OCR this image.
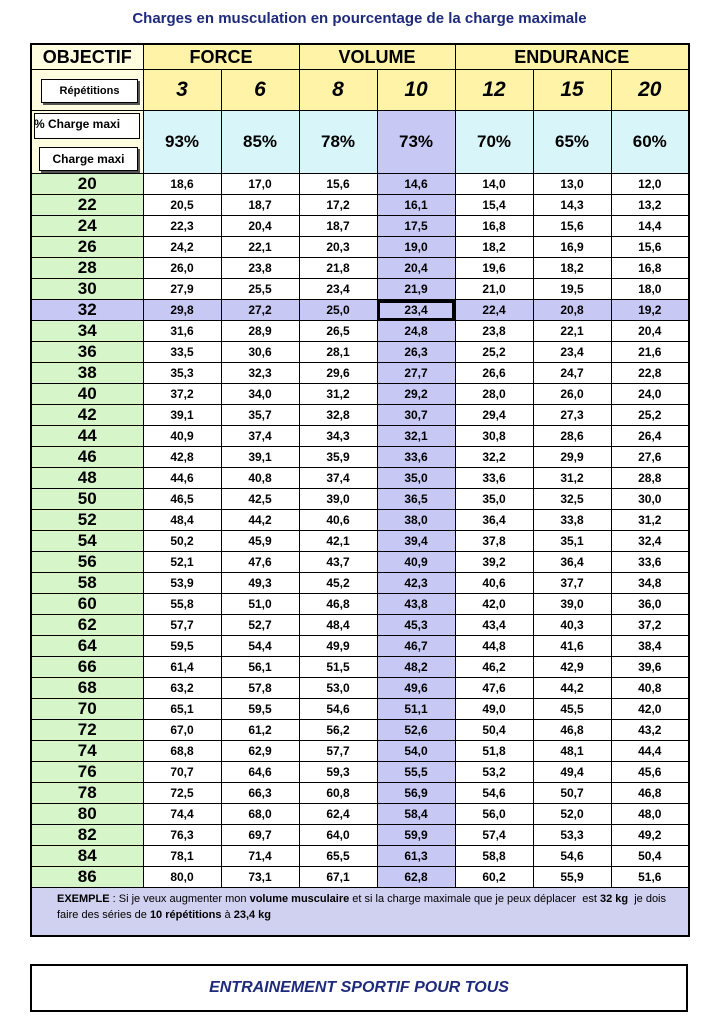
Charges en musculation en pourcentage de la charge maximale
OBJECTIF	FORCE		VOLUME		ENDURANCE		

Répétitions	3	6	8	10	12	15	20

% Charge maxi
Charge maxi	93%	85%	78%	73%	70%	65%	60%
20	18,6	17,0	15,6	14,6	14,0	13,0	12,0
22	20,5	18,7	17,2	16,1	15,4	14,3	13,2
24	22,3	20,4	18,7	17,5	16,8	15,6	14,4
26	24,2	22,1	20,3	19,0	18,2	16,9	15,6
28	26,0	23,8	21,8	20,4	19,6	18,2	16,8
30	27,9	25,5	23,4	21,9	21,0	19,5	18,0
32	29,8	27,2	25,0	23,4	22,4	20,8	19,2
34	31,6	28,9	26,5	24,8	23,8	22,1	20,4
36	33,5	30,6	28,1	26,3	25,2	23,4	21,6
38	35,3	32,3	29,6	27,7	26,6	24,7	22,8
40	37,2	34,0	31,2	29,2	28,0	26,0	24,0
42	39,1	35,7	32,8	30,7	29,4	27,3	25,2
44	40,9	37,4	34,3	32,1	30,8	28,6	26,4
46	42,8	39,1	35,9	33,6	32,2	29,9	27,6
48	44,6	40,8	37,4	35,0	33,6	31,2	28,8
50	46,5	42,5	39,0	36,5	35,0	32,5	30,0
52	48,4	44,2	40,6	38,0	36,4	33,8	31,2
54	50,2	45,9	42,1	39,4	37,8	35,1	32,4
56	52,1	47,6	43,7	40,9	39,2	36,4	33,6
58	53,9	49,3	45,2	42,3	40,6	37,7	34,8
60	55,8	51,0	46,8	43,8	42,0	39,0	36,0
62	57,7	52,7	48,4	45,3	43,4	40,3	37,2
64	59,5	54,4	49,9	46,7	44,8	41,6	38,4
66	61,4	56,1	51,5	48,2	46,2	42,9	39,6
68	63,2	57,8	53,0	49,6	47,6	44,2	40,8
70	65,1	59,5	54,6	51,1	49,0	45,5	42,0
72	67,0	61,2	56,2	52,6	50,4	46,8	43,2
74	68,8	62,9	57,7	54,0	51,8	48,1	44,4
76	70,7	64,6	59,3	55,5	53,2	49,4	45,6
78	72,5	66,3	60,8	56,9	54,6	50,7	46,8
80	74,4	68,0	62,4	58,4	56,0	52,0	48,0
82	76,3	69,7	64,0	59,9	57,4	53,3	49,2
84	78,1	71,4	65,5	61,3	58,8	54,6	50,4
86	80,0	73,1	67,1	62,8	60,2	55,9	51,6
EXEMPLE : Si je veux augmenter mon volume musculaire et si la charge maximale que je peux déplacer  est 32 kg  je dois faire des séries de 10 répétitions à 23,4 kg							
ENTRAINEMENT SPORTIF POUR TOUS
